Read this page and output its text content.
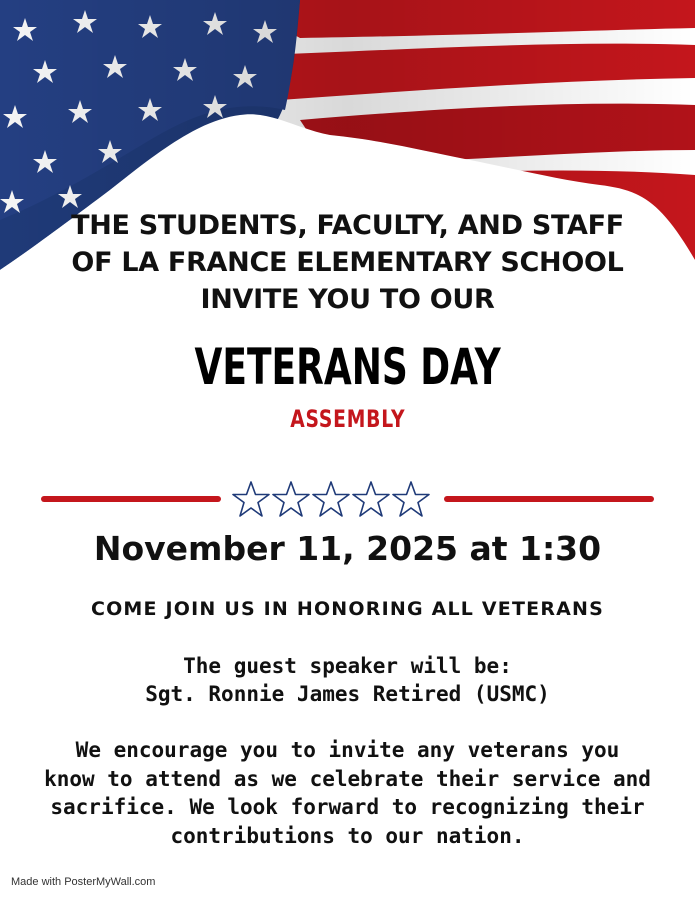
THE STUDENTS, FACULTY, AND STAFF
OF LA FRANCE ELEMENTARY SCHOOL
INVITE YOU TO OUR
VETERANS DAY
ASSEMBLY
November 11, 2025 at 1:30
COME JOIN US IN HONORING ALL VETERANS
The guest speaker will be:
Sgt. Ronnie James Retired (USMC)
We encourage you to invite any veterans you
know to attend as we celebrate their service and
sacrifice. We look forward to recognizing their
contributions to our nation.
Made with PosterMyWall.com
